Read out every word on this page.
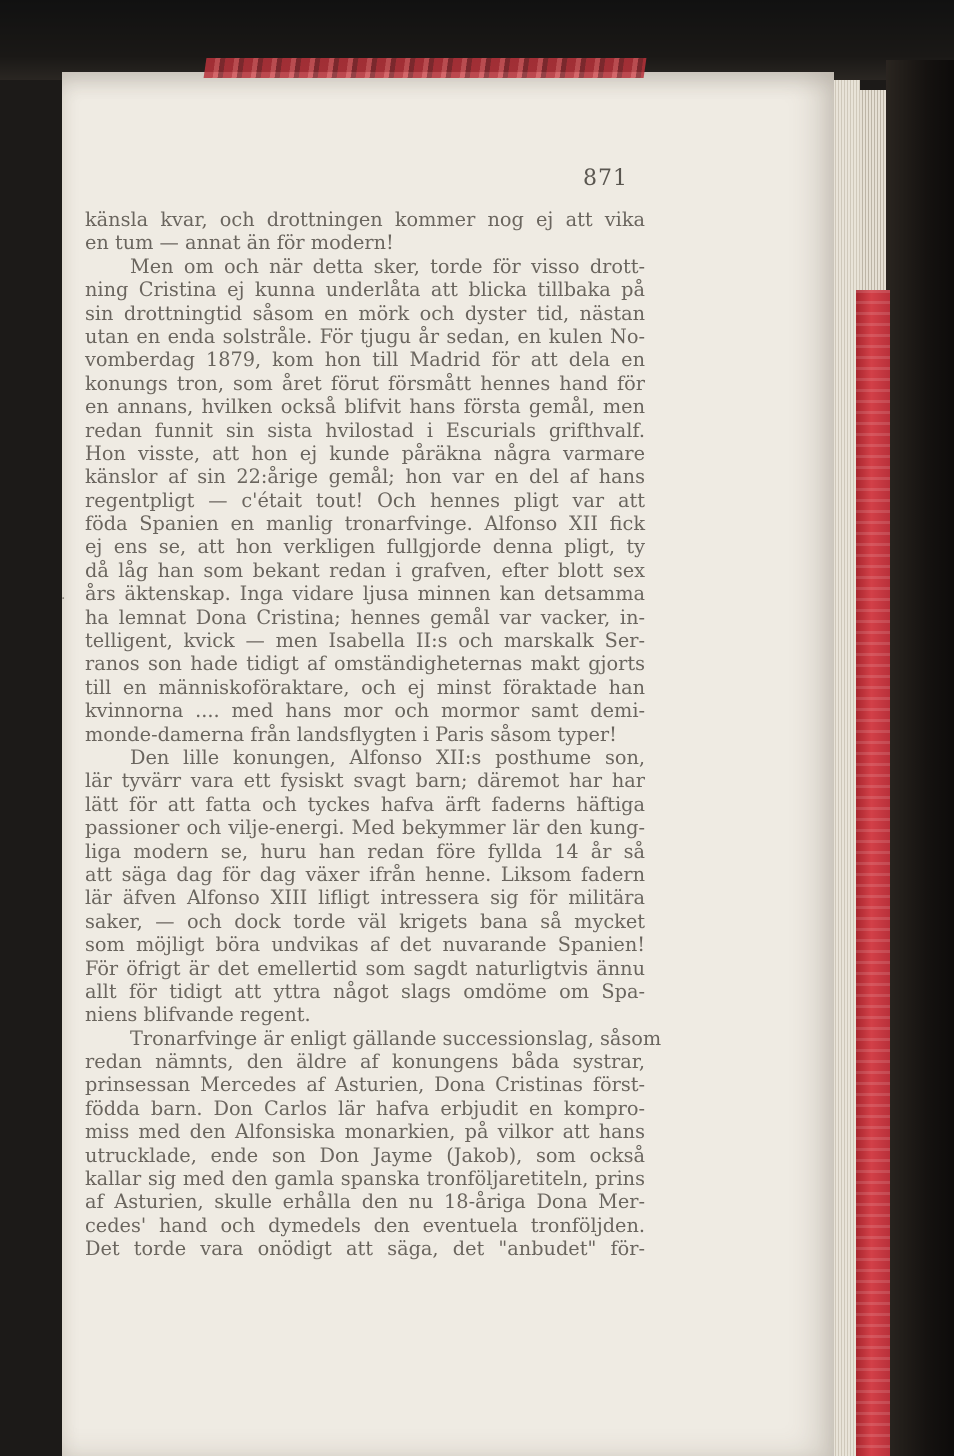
871
·
känsla kvar, och drottningen kommer nog ej att vika
en tum — annat än för modern!
Men om och när detta sker, torde för visso drott-
ning Cristina ej kunna underlåta att blicka tillbaka på
sin drottningtid såsom en mörk och dyster tid, nästan
utan en enda solstråle. För tjugu år sedan, en kulen No-
vomberdag 1879, kom hon till Madrid för att dela en
konungs tron, som året förut försmått hennes hand för
en annans, hvilken också blifvit hans första gemål, men
redan funnit sin sista hvilostad i Escurials grifthvalf.
Hon visste, att hon ej kunde påräkna några varmare
känslor af sin 22:årige gemål; hon var en del af hans
regentpligt — c'était tout! Och hennes pligt var att
föda Spanien en manlig tronarfvinge. Alfonso XII fick
ej ens se, att hon verkligen fullgjorde denna pligt, ty
då låg han som bekant redan i grafven, efter blott sex
års äktenskap. Inga vidare ljusa minnen kan detsamma
ha lemnat Dona Cristina; hennes gemål var vacker, in-
telligent, kvick — men Isabella II:s och marskalk Ser-
ranos son hade tidigt af omständigheternas makt gjorts
till en människoföraktare, och ej minst föraktade han
kvinnorna .... med hans mor och mormor samt demi-
monde-damerna från landsflygten i Paris såsom typer!
Den lille konungen, Alfonso XII:s posthume son,
lär tyvärr vara ett fysiskt svagt barn; däremot har har
lätt för att fatta och tyckes hafva ärft faderns häftiga
passioner och vilje-energi. Med bekymmer lär den kung-
liga modern se, huru han redan före fyllda 14 år så
att säga dag för dag växer ifrån henne. Liksom fadern
lär äfven Alfonso XIII lifligt intressera sig för militära
saker, — och dock torde väl krigets bana så mycket
som möjligt böra undvikas af det nuvarande Spanien!
För öfrigt är det emellertid som sagdt naturligtvis ännu
allt för tidigt att yttra något slags omdöme om Spa-
niens blifvande regent.
Tronarfvinge är enligt gällande successionslag, såsom
redan nämnts, den äldre af konungens båda systrar,
prinsessan Mercedes af Asturien, Dona Cristinas först-
födda barn. Don Carlos lär hafva erbjudit en kompro-
miss med den Alfonsiska monarkien, på vilkor att hans
utrucklade, ende son Don Jayme (Jakob), som också
kallar sig med den gamla spanska tronföljaretiteln, prins
af Asturien, skulle erhålla den nu 18-åriga Dona Mer-
cedes' hand och dymedels den eventuela tronföljden.
Det torde vara onödigt att säga, det "anbudet" för-
